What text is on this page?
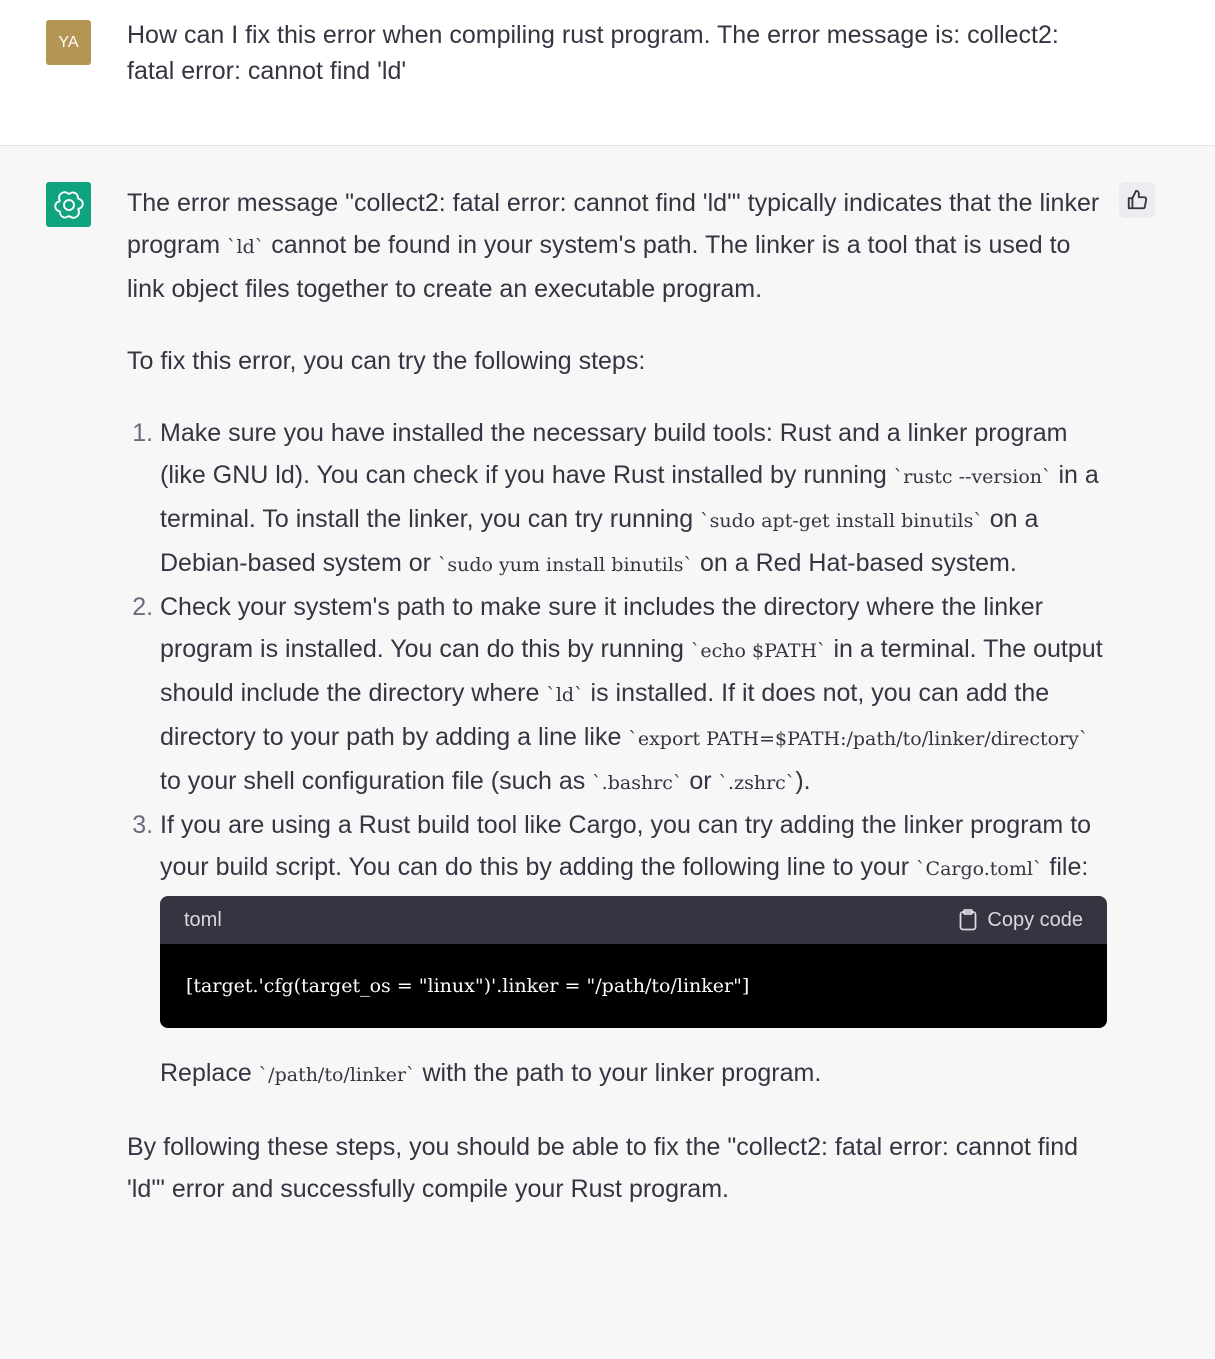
YA How can I fix this error when compiling rust program. The error message is: collect2: fatal error: cannot find 'ld'

The error message "collect2: fatal error: cannot find 'ld'" typically indicates that the linker program `ld` cannot be found in your system's path. The linker is a tool that is used to link object files together to create an executable program.

To fix this error, you can try the following steps:

1. Make sure you have installed the necessary build tools: Rust and a linker program (like GNU ld). You can check if you have Rust installed by running `rustc --version` in a terminal. To install the linker, you can try running `sudo apt-get install binutils` on a Debian-based system or `sudo yum install binutils` on a Red Hat-based system.
2. Check your system's path to make sure it includes the directory where the linker program is installed. You can do this by running `echo $PATH` in a terminal. The output should include the directory where `ld` is installed. If it does not, you can add the directory to your path by adding a line like `export PATH=$PATH:/path/to/linker/directory` to your shell configuration file (such as `.bashrc` or `.zshrc`).
3. If you are using a Rust build tool like Cargo, you can try adding the linker program to your build script. You can do this by adding the following line to your `Cargo.toml` file:
toml	Copy code
[target.'cfg(target_os = "linux")'.linker = "/path/to/linker"]

Replace `/path/to/linker` with the path to your linker program.

By following these steps, you should be able to fix the "collect2: fatal error: cannot find 'ld'" error and successfully compile your Rust program.
